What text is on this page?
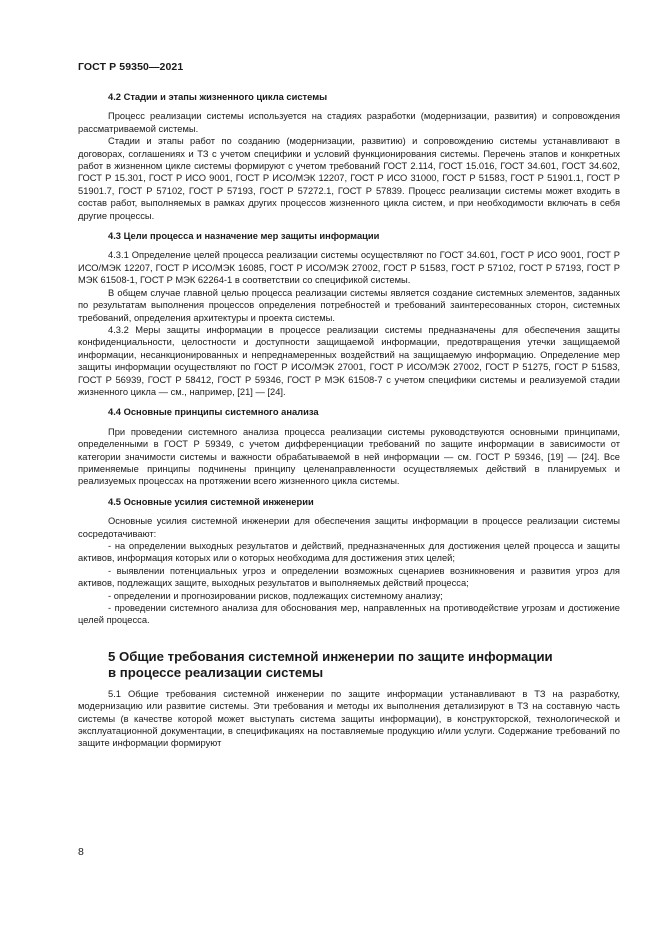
ГОСТ Р 59350—2021
4.2 Стадии и этапы жизненного цикла системы

Процесс реализации системы используется на стадиях разработки (модернизации, развития) и сопровождения рассматриваемой системы.

Стадии и этапы работ по созданию (модернизации, развитию) и сопровождению системы устанавливают в договорах, соглашениях и ТЗ с учетом специфики и условий функционирования системы. Перечень этапов и конкретных работ в жизненном цикле системы формируют с учетом требований ГОСТ 2.114, ГОСТ 15.016, ГОСТ 34.601, ГОСТ 34.602, ГОСТ Р 15.301, ГОСТ Р ИСО 9001, ГОСТ Р ИСО/МЭК 12207, ГОСТ Р ИСО 31000, ГОСТ Р 51583, ГОСТ Р 51901.1, ГОСТ Р 51901.7, ГОСТ Р 57102, ГОСТ Р 57193, ГОСТ Р 57272.1, ГОСТ Р 57839. Процесс реализации системы может входить в состав работ, выполняемых в рамках других процессов жизненного цикла систем, и при необходимости включать в себя другие процессы.

4.3 Цели процесса и назначение мер защиты информации

4.3.1 Определение целей процесса реализации системы осуществляют по ГОСТ 34.601, ГОСТ Р ИСО 9001, ГОСТ Р ИСО/МЭК 12207, ГОСТ Р ИСО/МЭК 16085, ГОСТ Р ИСО/МЭК 27002, ГОСТ Р 51583, ГОСТ Р 57102, ГОСТ Р 57193, ГОСТ Р МЭК 61508-1, ГОСТ Р МЭК 62264-1 в соответствии со спецификой системы.

В общем случае главной целью процесса реализации системы является создание системных элементов, заданных по результатам выполнения процессов определения потребностей и требований заинтересованных сторон, системных требований, определения архитектуры и проекта системы.

4.3.2 Меры защиты информации в процессе реализации системы предназначены для обеспечения защиты конфиденциальности, целостности и доступности защищаемой информации, предотвращения утечки защищаемой информации, несанкционированных и непреднамеренных воздействий на защищаемую информацию. Определение мер защиты информации осуществляют по ГОСТ Р ИСО/МЭК 27001, ГОСТ Р ИСО/МЭК 27002, ГОСТ Р 51275, ГОСТ Р 51583, ГОСТ Р 56939, ГОСТ Р 58412, ГОСТ Р 59346, ГОСТ Р МЭК 61508-7 с учетом специфики системы и реализуемой стадии жизненного цикла — см., например, [21] — [24].

4.4 Основные принципы системного анализа

При проведении системного анализа процесса реализации системы руководствуются основными принципами, определенными в ГОСТ Р 59349, с учетом дифференциации требований по защите информации в зависимости от категории значимости системы и важности обрабатываемой в ней информации — см. ГОСТ Р 59346, [19] — [24]. Все применяемые принципы подчинены принципу целенаправленности осуществляемых действий в планируемых и реализуемых процессах на протяжении всего жизненного цикла системы.

4.5 Основные усилия системной инженерии

Основные усилия системной инженерии для обеспечения защиты информации в процессе реализации системы сосредотачивают:

- на определении выходных результатов и действий, предназначенных для достижения целей процесса и защиты активов, информация которых или о которых необходима для достижения этих целей;

- выявлении потенциальных угроз и определении возможных сценариев возникновения и развития угроз для активов, подлежащих защите, выходных результатов и выполняемых действий процесса;

- определении и прогнозировании рисков, подлежащих системному анализу;

- проведении системного анализа для обоснования мер, направленных на противодействие угрозам и достижение целей процесса.

5 Общие требования системной инженерии по защите информации
в процессе реализации системы

5.1 Общие требования системной инженерии по защите информации устанавливают в ТЗ на разработку, модернизацию или развитие системы. Эти требования и методы их выполнения детализируют в ТЗ на составную часть системы (в качестве которой может выступать система защиты информации), в конструкторской, технологической и эксплуатационной документации, в спецификациях на поставляемые продукцию и/или услуги. Содержание требований по защите информации формируют

8
